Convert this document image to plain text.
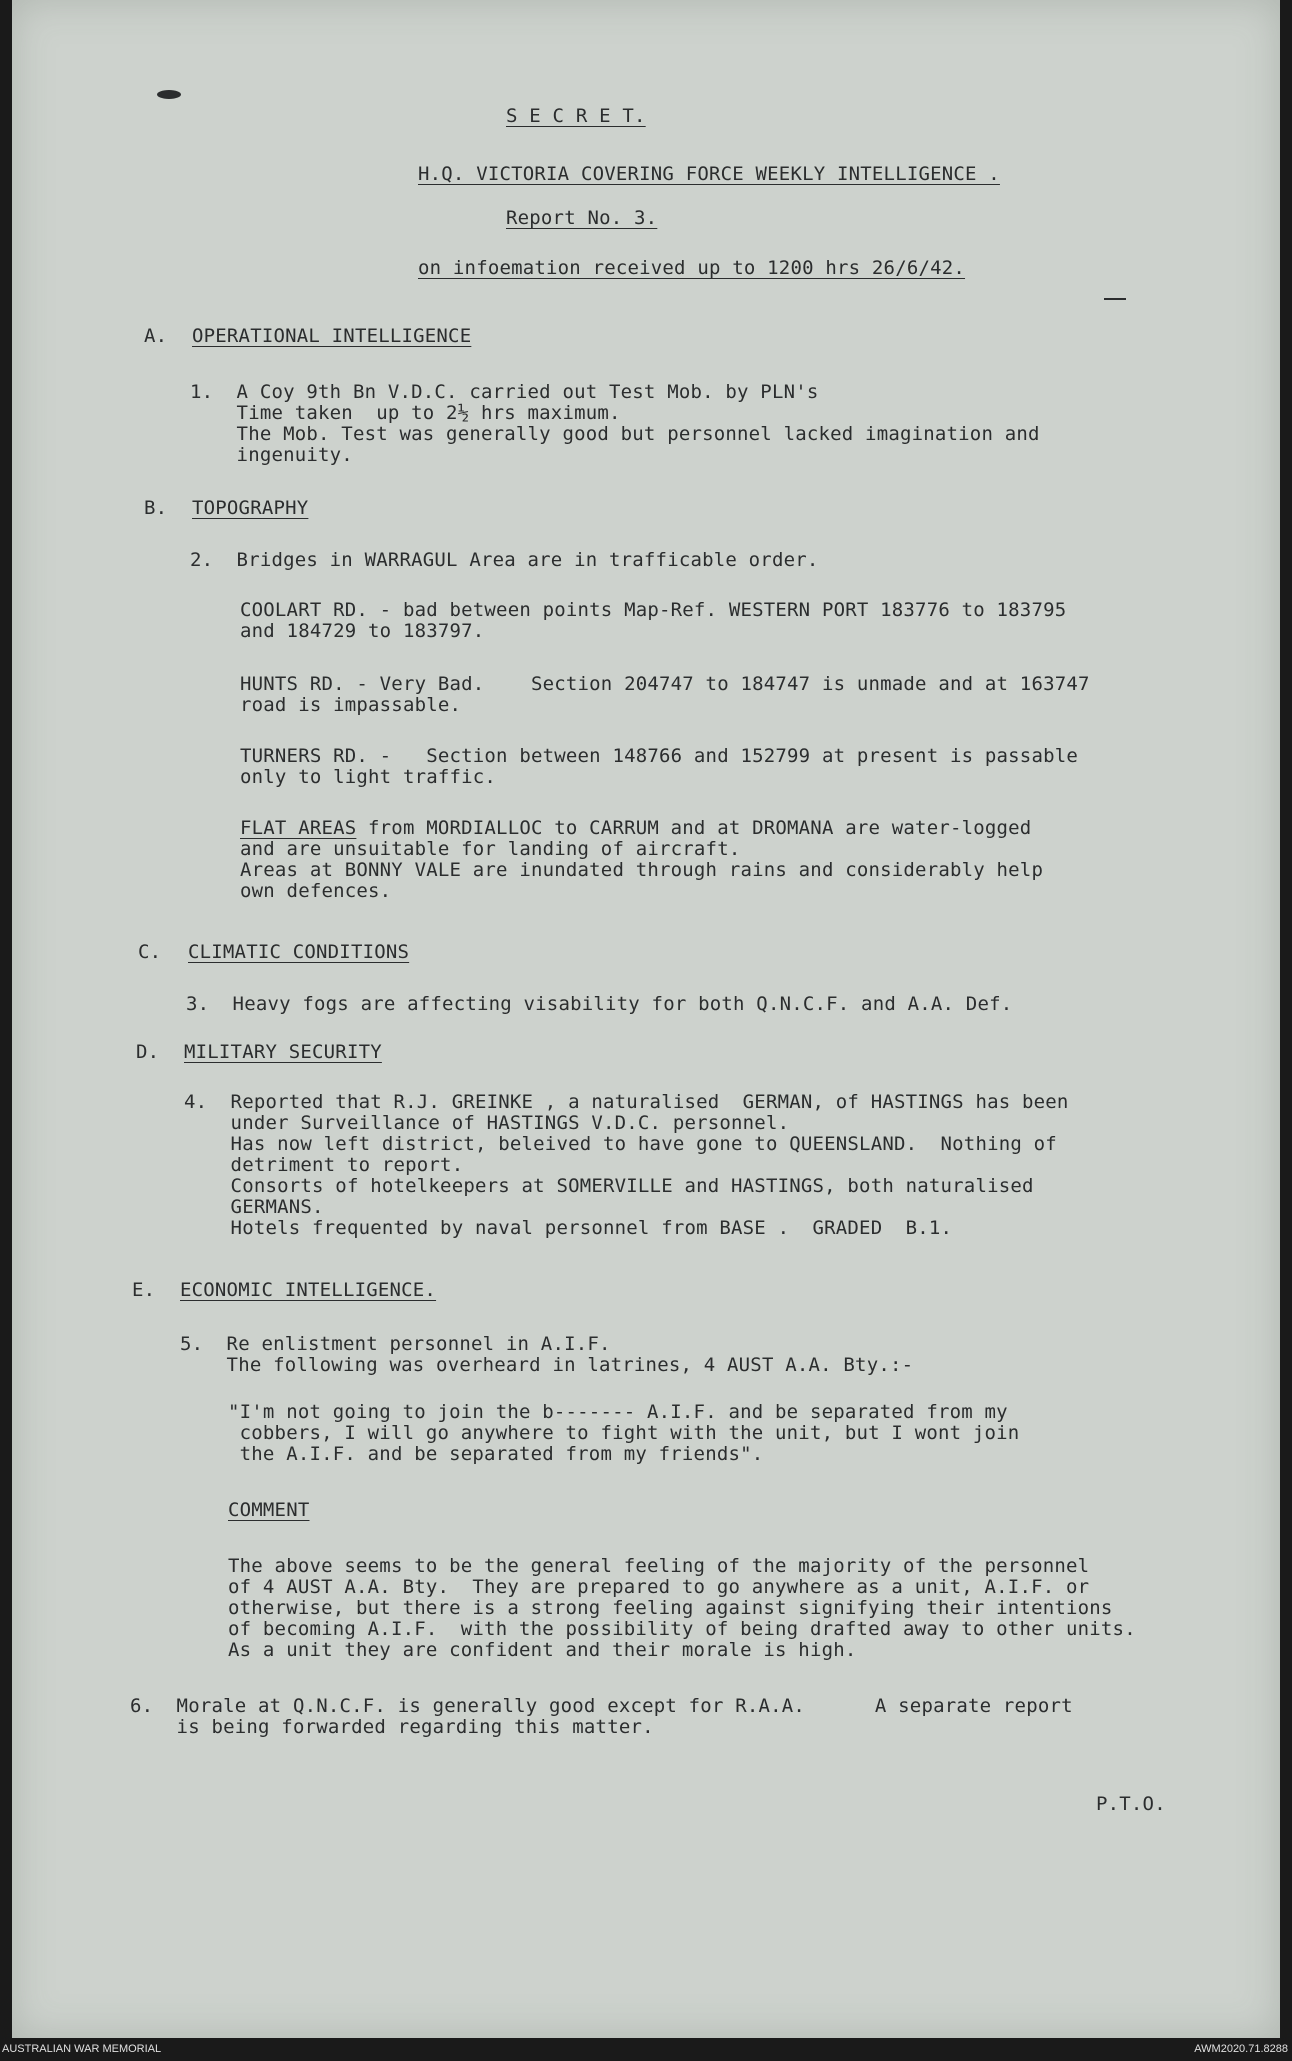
S E C R E T.
H.Q. VICTORIA COVERING FORCE WEEKLY INTELLIGENCE .
Report No. 3.
on infoemation received up to 1200 hrs 26/6/42.
A. OPERATIONAL INTELLIGENCE
1.  A Coy 9th Bn V.D.C. carried out Test Mob. by PLN's
Time taken  up to 2½ hrs maximum.
The Mob. Test was generally good but personnel lacked imagination and
ingenuity.
B. TOPOGRAPHY
2.  Bridges in WARRAGUL Area are in trafficable order.
COOLART RD. - bad between points Map-Ref. WESTERN PORT 183776 to 183795
and 184729 to 183797.
HUNTS RD. - Very Bad.    Section 204747 to 184747 is unmade and at 163747
road is impassable.
TURNERS RD. -   Section between 148766 and 152799 at present is passable
only to light traffic.
FLAT AREAS from MORDIALLOC to CARRUM and at DROMANA are water-logged
and are unsuitable for landing of aircraft.
Areas at BONNY VALE are inundated through rains and considerably help
own defences.
C. CLIMATIC CONDITIONS
3.  Heavy fogs are affecting visability for both Q.N.C.F. and A.A. Def.
D. MILITARY SECURITY
4.  Reported that R.J. GREINKE , a naturalised  GERMAN, of HASTINGS has been
under Surveillance of HASTINGS V.D.C. personnel.
Has now left district, beleived to have gone to QUEENSLAND.  Nothing of
detriment to report.
Consorts of hotelkeepers at SOMERVILLE and HASTINGS, both naturalised
GERMANS.
Hotels frequented by naval personnel from BASE .  GRADED  B.1.
E. ECONOMIC INTELLIGENCE.
5.  Re enlistment personnel in A.I.F.
The following was overheard in latrines, 4 AUST A.A. Bty.:-
"I'm not going to join the b------- A.I.F. and be separated from my
cobbers, I will go anywhere to fight with the unit, but I wont join
the A.I.F. and be separated from my friends".
COMMENT
The above seems to be the general feeling of the majority of the personnel
of 4 AUST A.A. Bty.  They are prepared to go anywhere as a unit, A.I.F. or
otherwise, but there is a strong feeling against signifying their intentions
of becoming A.I.F.  with the possibility of being drafted away to other units.
As a unit they are confident and their morale is high.
6.  Morale at Q.N.C.F. is generally good except for R.A.A.      A separate report
is being forwarded regarding this matter.
P.T.O.
AUSTRALIAN WAR MEMORIAL	AWM2020.71.8288
